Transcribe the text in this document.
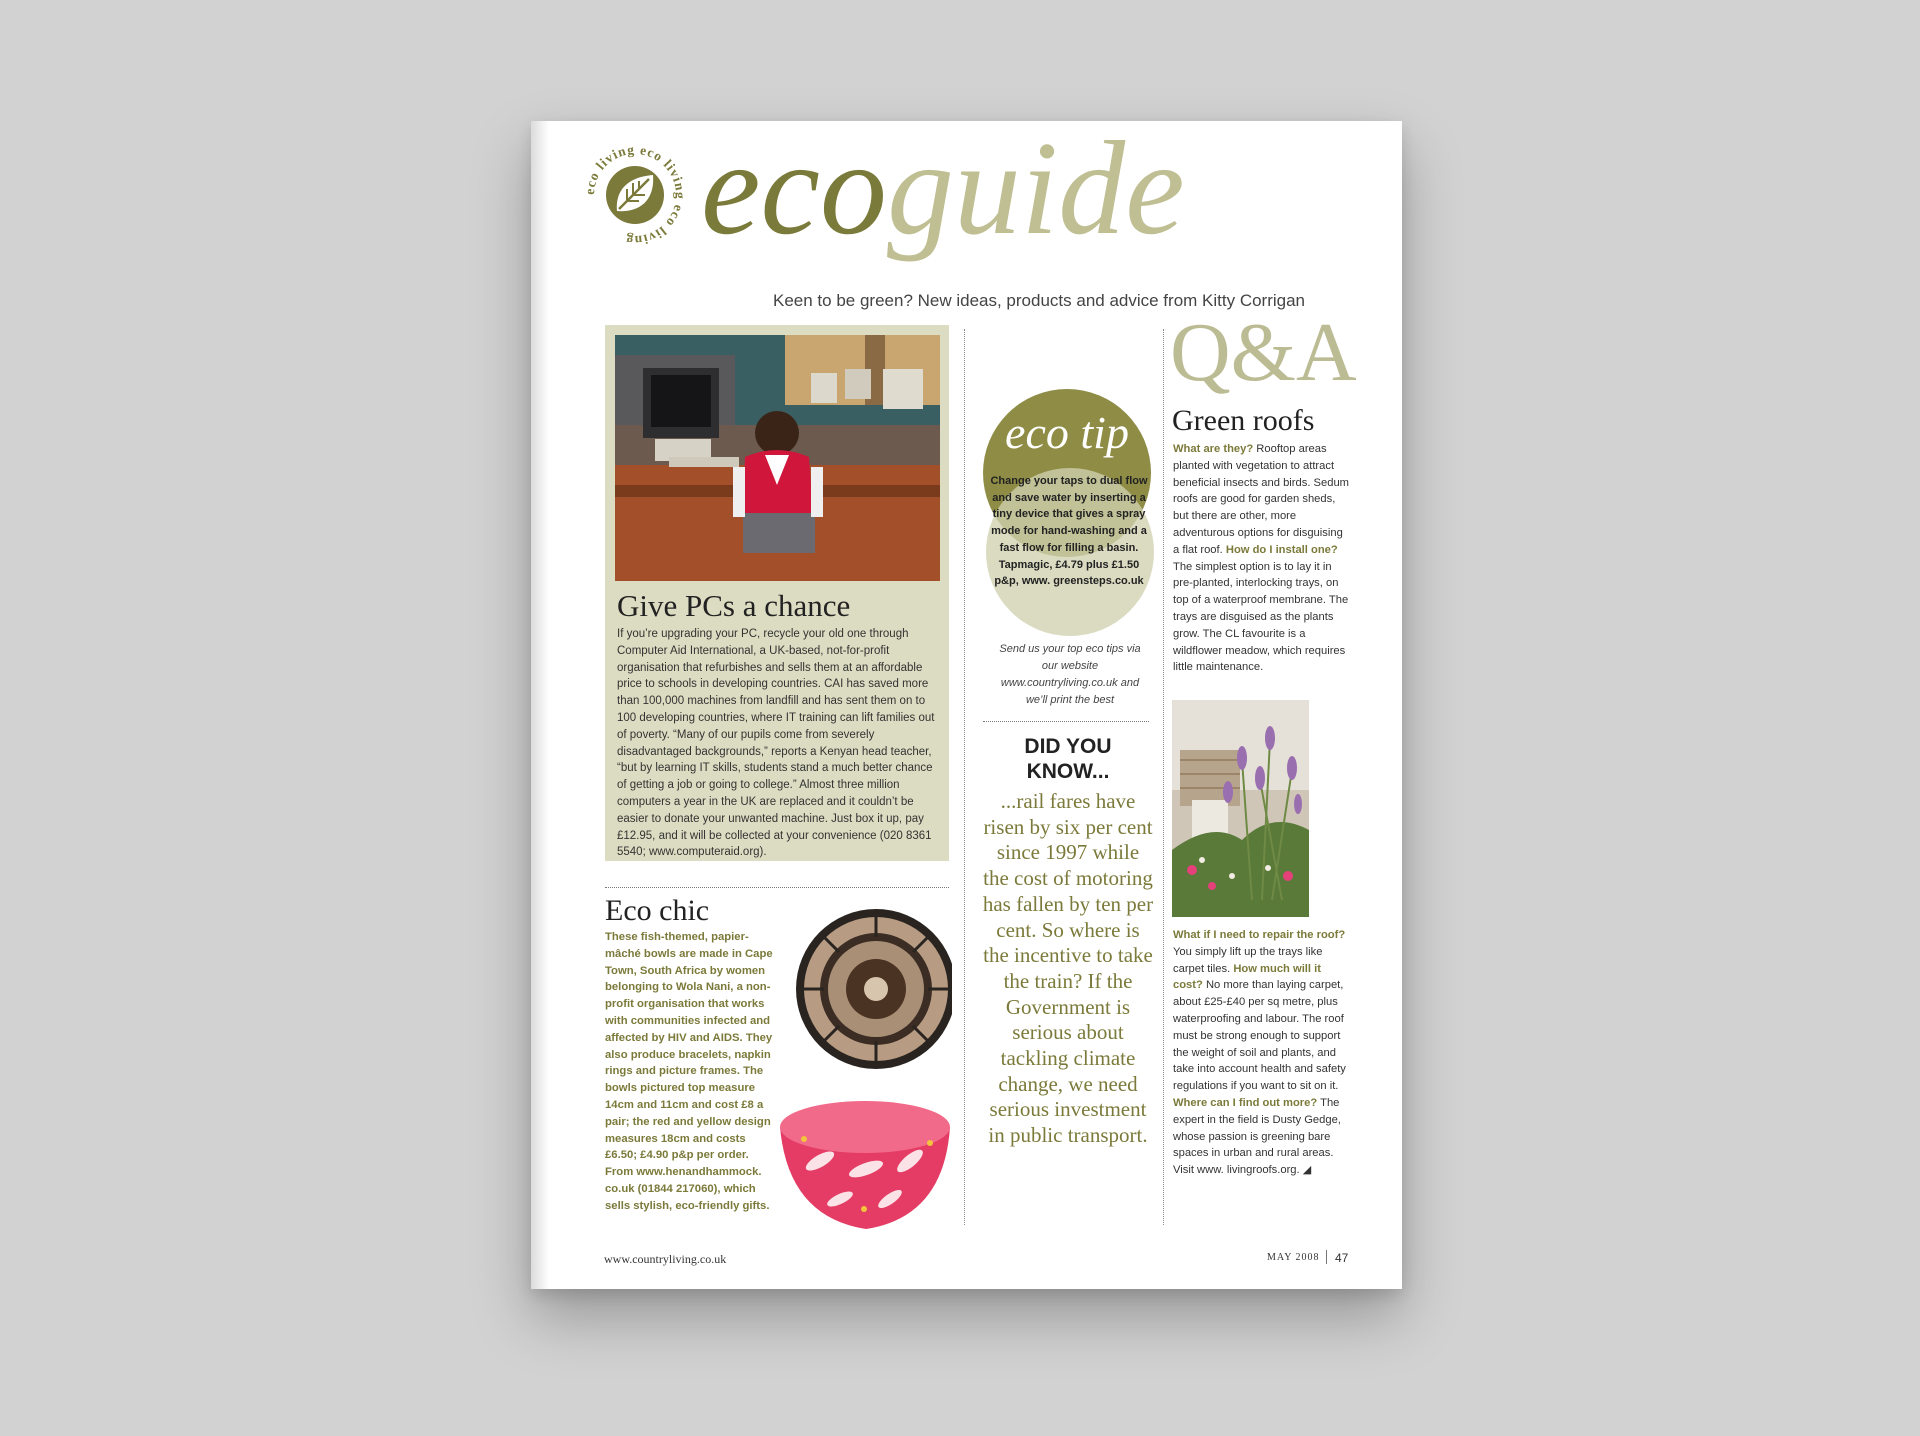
eco living eco living eco living ecoguide
Keen to be green? New ideas, products and advice from Kitty Corrigan
Give PCs a chance
If you’re upgrading your PC, recycle your old one through Computer Aid International, a UK-based, not-for-profit organisation that refurbishes and sells them at an affordable price to schools in developing countries. CAI has saved more than 100,000 machines from landfill and has sent them on to 100 developing countries, where IT training can lift families out of poverty. “Many of our pupils come from severely disadvantaged backgrounds,” reports a Kenyan head teacher, “but by learning IT skills, students stand a much better chance of getting a job or going to college.” Almost three million computers a year in the UK are replaced and it couldn’t be easier to donate your unwanted machine. Just box it up, pay £12.95, and it will be collected at your convenience (020 8361 5540; www.computeraid.org).
Eco chic
These fish-themed, papier-mâché bowls are made in Cape Town, South Africa by women belonging to Wola Nani, a non-profit organisation that works with communities infected and affected by HIV and AIDS. They also produce bracelets, napkin rings and picture frames. The bowls pictured top measure 14cm and 11cm and cost £8 a pair; the red and yellow design measures 18cm and costs £6.50; £4.90 p&p per order. From www.henandhammock. co.uk (01844 217060), which sells stylish, eco-friendly gifts.
eco tip
Change your taps to dual flow and save water by inserting a tiny device that gives a spray mode for hand-washing and a fast flow for filling a basin. Tapmagic, £4.79 plus £1.50 p&p, www. greensteps.co.uk
Send us your top eco tips via our website www.countryliving.co.uk and we’ll print the best
DID YOU KNOW...
...rail fares have risen by six per cent since 1997 while the cost of motoring has fallen by ten per cent. So where is the incentive to take the train? If the Government is serious about tackling climate change, we need serious investment in public transport.
Q&A
Green roofs
What are they? Rooftop areas planted with vegetation to attract beneficial insects and birds. Sedum roofs are good for garden sheds, but there are other, more adventurous options for disguising a flat roof. How do I install one? The simplest option is to lay it in pre-planted, interlocking trays, on top of a waterproof membrane. The trays are disguised as the plants grow. The CL favourite is a wildflower meadow, which requires little maintenance.
What if I need to repair the roof? You simply lift up the trays like carpet tiles. How much will it cost? No more than laying carpet, about £25-£40 per sq metre, plus waterproofing and labour. The roof must be strong enough to support the weight of soil and plants, and take into account health and safety regulations if you want to sit on it. Where can I find out more? The expert in the field is Dusty Gedge, whose passion is greening bare spaces in urban and rural areas. Visit www. livingroofs.org. ◢
www.countryliving.co.uk	MAY 2008 47
